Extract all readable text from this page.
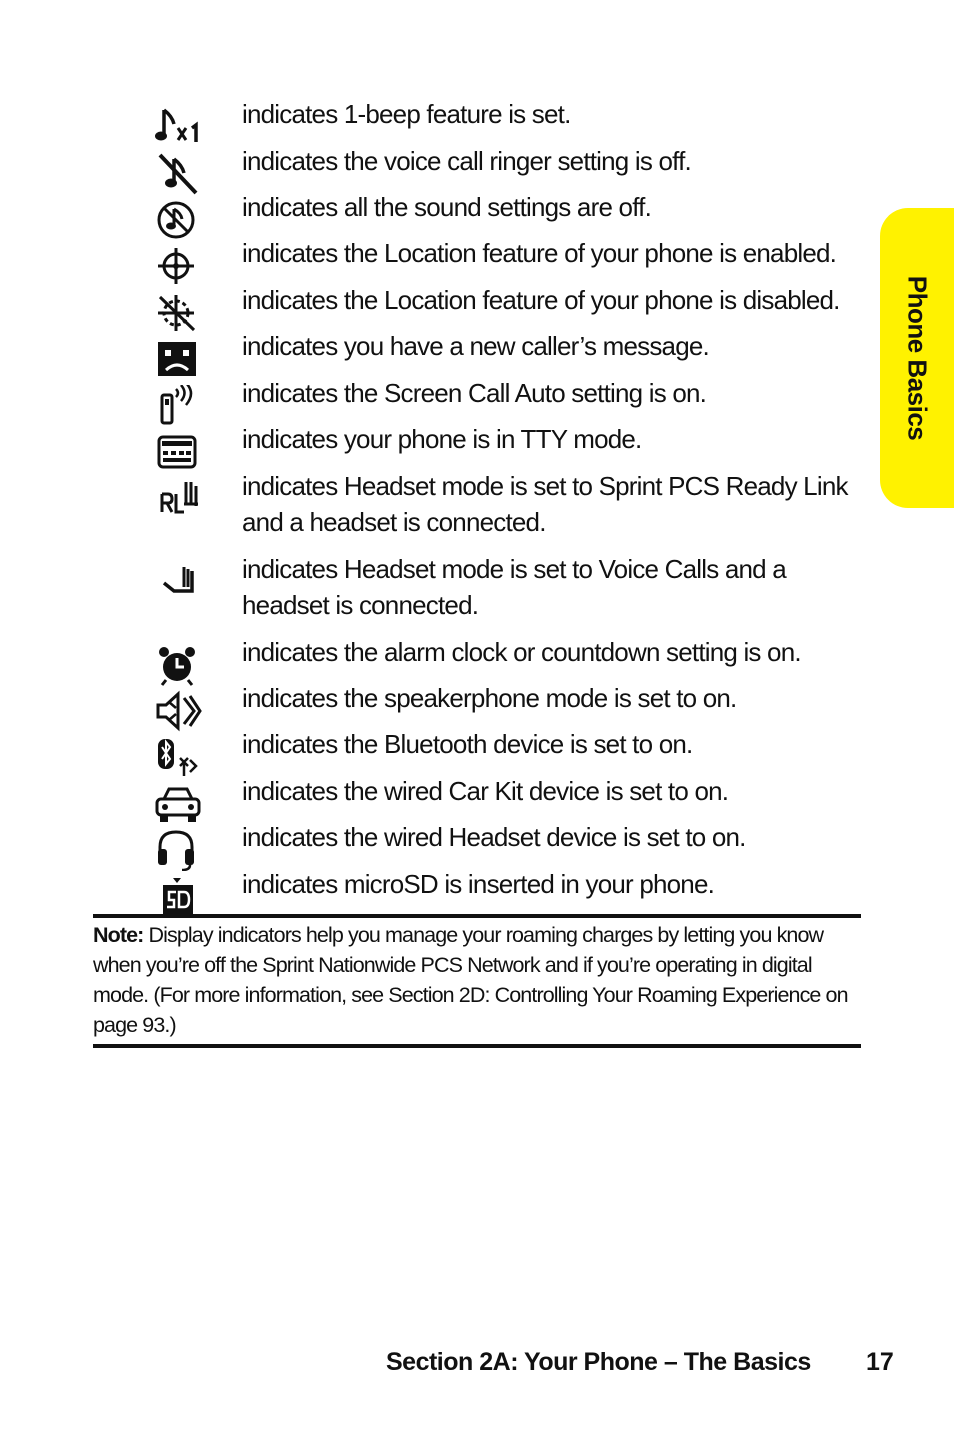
Phone Basics
indicates 1-beep feature is set.
indicates the voice call ringer setting is off.
indicates all the sound settings are off.
indicates the Location feature of your phone is enabled.
indicates the Location feature of your phone is disabled.
indicates you have a new caller’s message.
indicates the Screen Call Auto setting is on.
indicates your phone is in TTY mode.
indicates Headset mode is set to Sprint PCS Ready Link and a headset is connected.
indicates Headset mode is set to Voice Calls and a headset is connected.
indicates the alarm clock or countdown setting is on.
indicates the speakerphone mode is set to on.
indicates the Bluetooth device is set to on.
indicates the wired Car Kit device is set to on.
indicates the wired Headset device is set to on.
indicates microSD is inserted in your phone.
Note: Display indicators help you manage your roaming charges by letting you know when you’re off the Sprint Nationwide PCS Network and if you’re operating in digital mode. (For more information, see Section 2D: Controlling Your Roaming Experience on page 93.)
Section 2A: Your Phone – The Basics	17
